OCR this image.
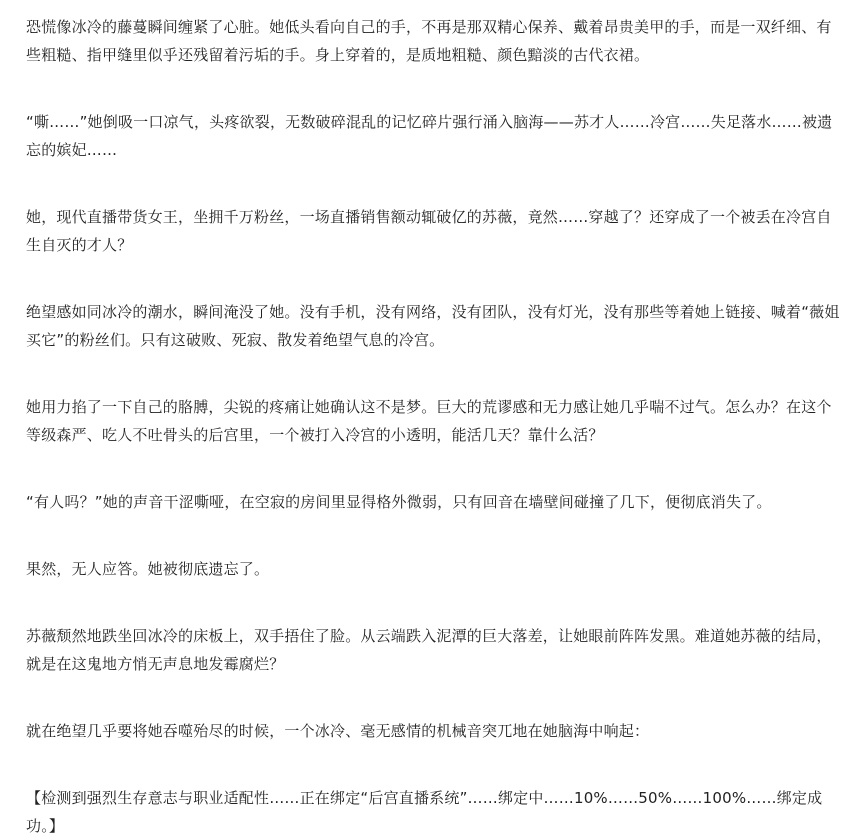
恐慌像冰冷的藤蔓瞬间缠紧了心脏。她低头看向自己的手，不再是那双精心保养、戴着昂贵美甲的手，而是一双纤细、有些粗糙、指甲缝里似乎还残留着污垢的手。身上穿着的，是质地粗糙、颜色黯淡的古代衣裙。

“嘶……”她倒吸一口凉气，头疼欲裂，无数破碎混乱的记忆碎片强行涌入脑海——苏才人……冷宫……失足落水……被遗忘的嫔妃……

她，现代直播带货女王，坐拥千万粉丝，一场直播销售额动辄破亿的苏薇，竟然……穿越了？还穿成了一个被丢在冷宫自生自灭的才人？

绝望感如同冰冷的潮水，瞬间淹没了她。没有手机，没有网络，没有团队，没有灯光，没有那些等着她上链接、喊着“薇姐买它”的粉丝们。只有这破败、死寂、散发着绝望气息的冷宫。

她用力掐了一下自己的胳膊，尖锐的疼痛让她确认这不是梦。巨大的荒谬感和无力感让她几乎喘不过气。怎么办？在这个等级森严、吃人不吐骨头的后宫里，一个被打入冷宫的小透明，能活几天？靠什么活？

“有人吗？”她的声音干涩嘶哑，在空寂的房间里显得格外微弱，只有回音在墙壁间碰撞了几下，便彻底消失了。

果然，无人应答。她被彻底遗忘了。

苏薇颓然地跌坐回冰冷的床板上，双手捂住了脸。从云端跌入泥潭的巨大落差，让她眼前阵阵发黑。难道她苏薇的结局，就是在这鬼地方悄无声息地发霉腐烂？

就在绝望几乎要将她吞噬殆尽的时候，一个冰冷、毫无感情的机械音突兀地在她脑海中响起：

【检测到强烈生存意志与职业适配性……正在绑定“后宫直播系统”……绑定中……10%……50%……100%……绑定成功。】
